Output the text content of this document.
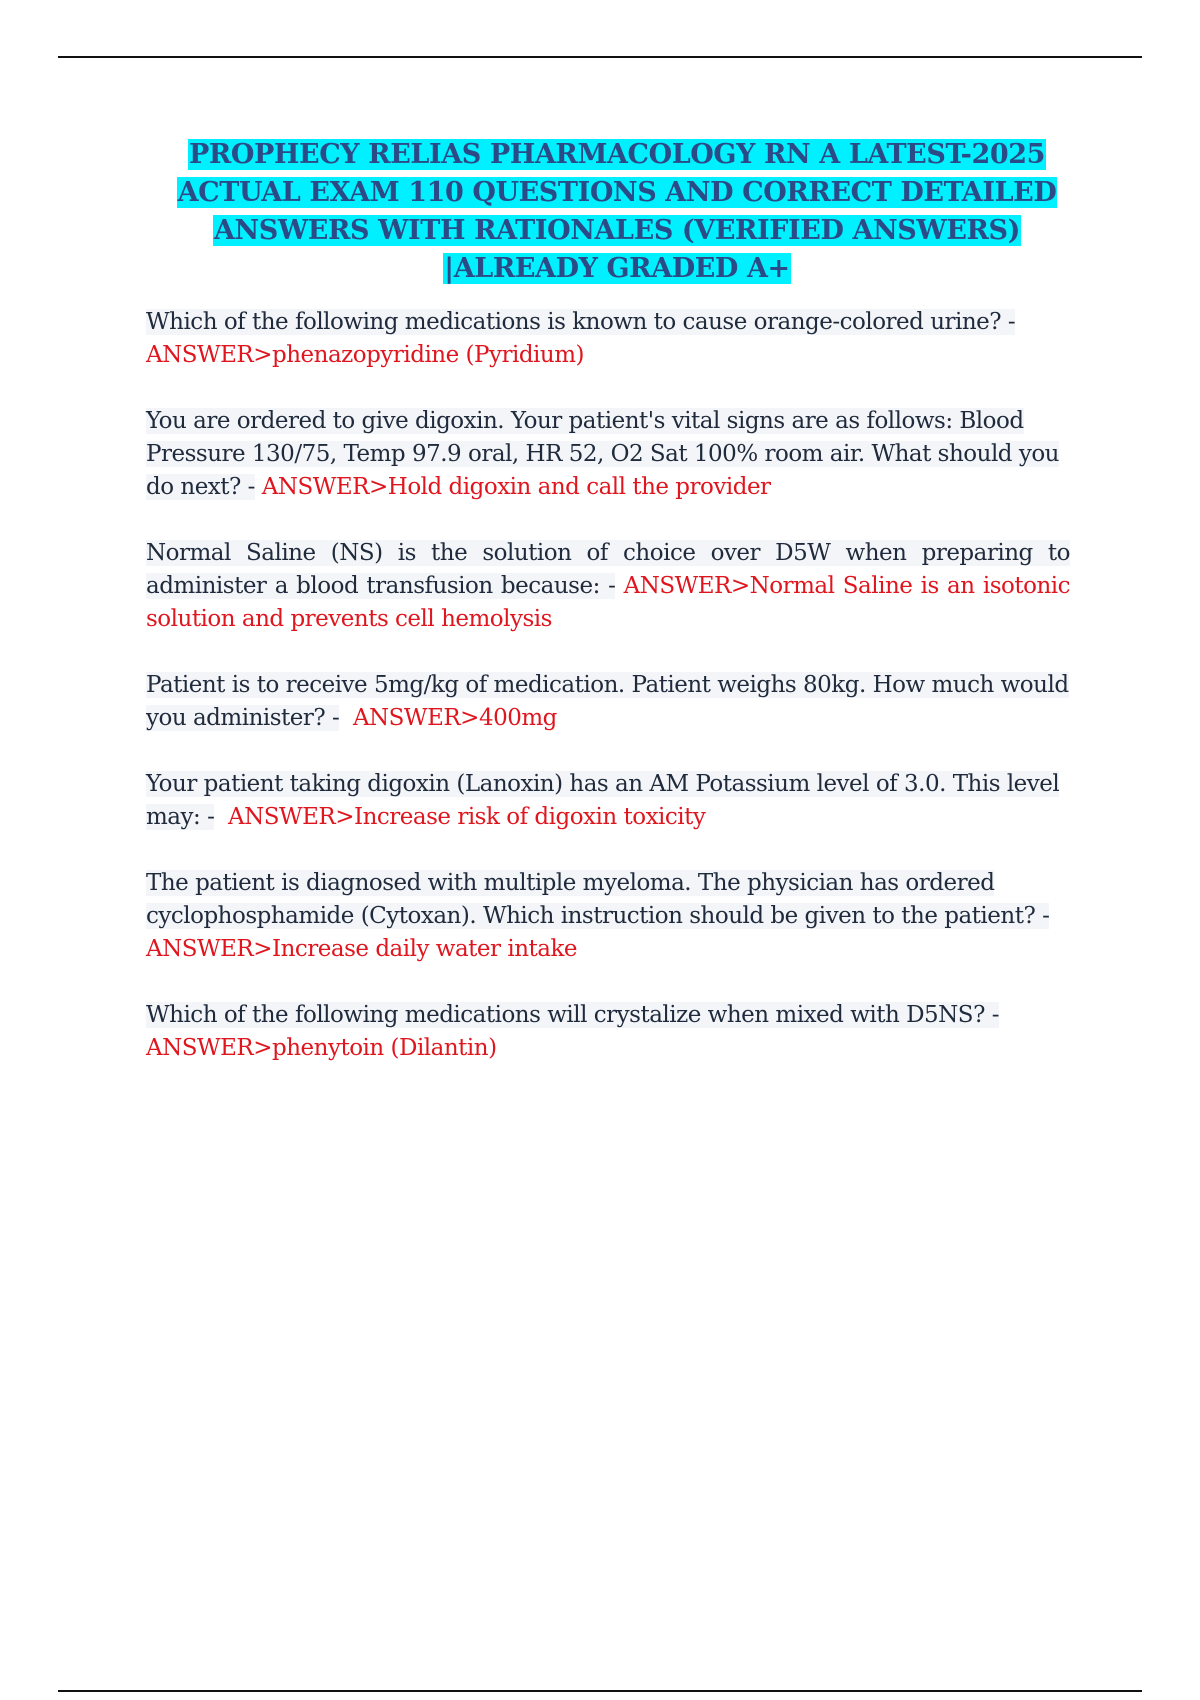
PROPHECY RELIAS PHARMACOLOGY RN A LATEST-2025 ACTUAL EXAM 110 QUESTIONS AND CORRECT DETAILED ANSWERS WITH RATIONALES (VERIFIED ANSWERS) |ALREADY GRADED A+

Which of the following medications is known to cause orange-colored urine? -  ANSWER>phenazopyridine (Pyridium)

You are ordered to give digoxin. Your patient's vital signs are as follows: Blood Pressure 130/75, Temp 97.9 oral, HR 52, O2 Sat 100% room air. What should you do next? - ANSWER>Hold digoxin and call the provider

Normal Saline (NS) is the solution of choice over D5W when preparing to administer a blood transfusion because: - ANSWER>Normal Saline is an isotonic solution and prevents cell hemolysis

Patient is to receive 5mg/kg of medication. Patient weighs 80kg. How much would you administer? - ANSWER>400mg

Your patient taking digoxin (Lanoxin) has an AM Potassium level of 3.0. This level may: - ANSWER>Increase risk of digoxin toxicity

The patient is diagnosed with multiple myeloma. The physician has ordered cyclophosphamide (Cytoxan). Which instruction should be given to the patient? -  ANSWER>Increase daily water intake

Which of the following medications will crystalize when mixed with D5NS? - ANSWER>phenytoin (Dilantin)
